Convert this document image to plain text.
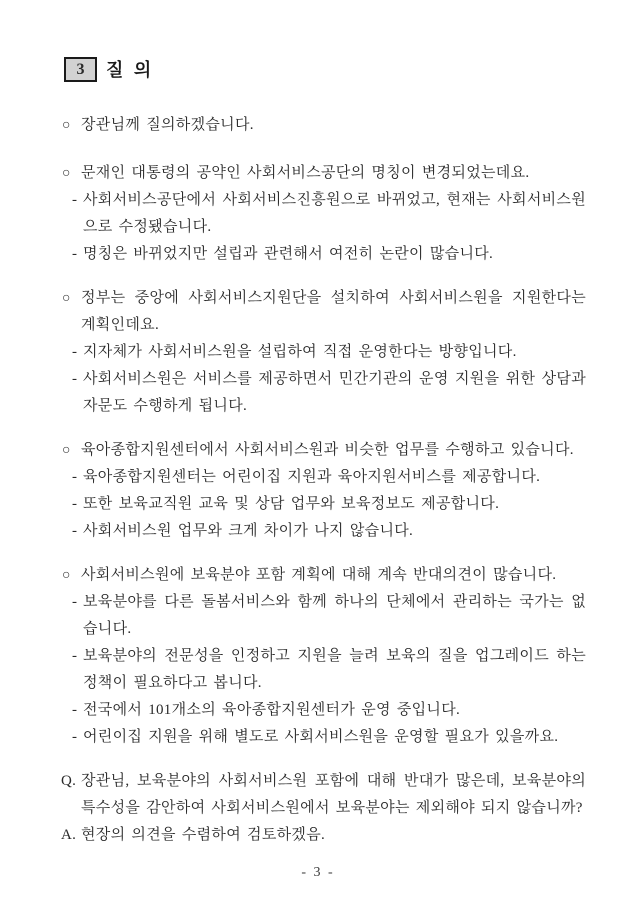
3	질 의
○ 장관님께 질의하겠습니다.
○ 문재인 대통령의 공약인 사회서비스공단의 명칭이 변경되었는데요.
- 사회서비스공단에서 사회서비스진흥원으로 바뀌었고, 현재는 사회서비스원으로 수정됐습니다.
- 명칭은 바뀌었지만 설립과 관련해서 여전히 논란이 많습니다.
○ 정부는 중앙에 사회서비스지원단을 설치하여 사회서비스원을 지원한다는 계획인데요.
- 지자체가 사회서비스원을 설립하여 직접 운영한다는 방향입니다.
- 사회서비스원은 서비스를 제공하면서 민간기관의 운영 지원을 위한 상담과 자문도 수행하게 됩니다.
○ 육아종합지원센터에서 사회서비스원과 비슷한 업무를 수행하고 있습니다.
- 육아종합지원센터는 어린이집 지원과 육아지원서비스를 제공합니다.
- 또한 보육교직원 교육 및 상담 업무와 보육정보도 제공합니다.
- 사회서비스원 업무와 크게 차이가 나지 않습니다.
○ 사회서비스원에 보육분야 포함 계획에 대해 계속 반대의견이 많습니다.
- 보육분야를 다른 돌봄서비스와 함께 하나의 단체에서 관리하는 국가는 없습니다.
- 보육분야의 전문성을 인정하고 지원을 늘려 보육의 질을 업그레이드 하는 정책이 필요하다고 봅니다.
- 전국에서 101개소의 육아종합지원센터가 운영 중입니다.
- 어린이집 지원을 위해 별도로 사회서비스원을 운영할 필요가 있을까요.
Q. 장관님, 보육분야의 사회서비스원 포함에 대해 반대가 많은데, 보육분야의 특수성을 감안하여 사회서비스원에서 보육분야는 제외해야 되지 않습니까?
A. 현장의 의견을 수렴하여 검토하겠음.
- 3 -
